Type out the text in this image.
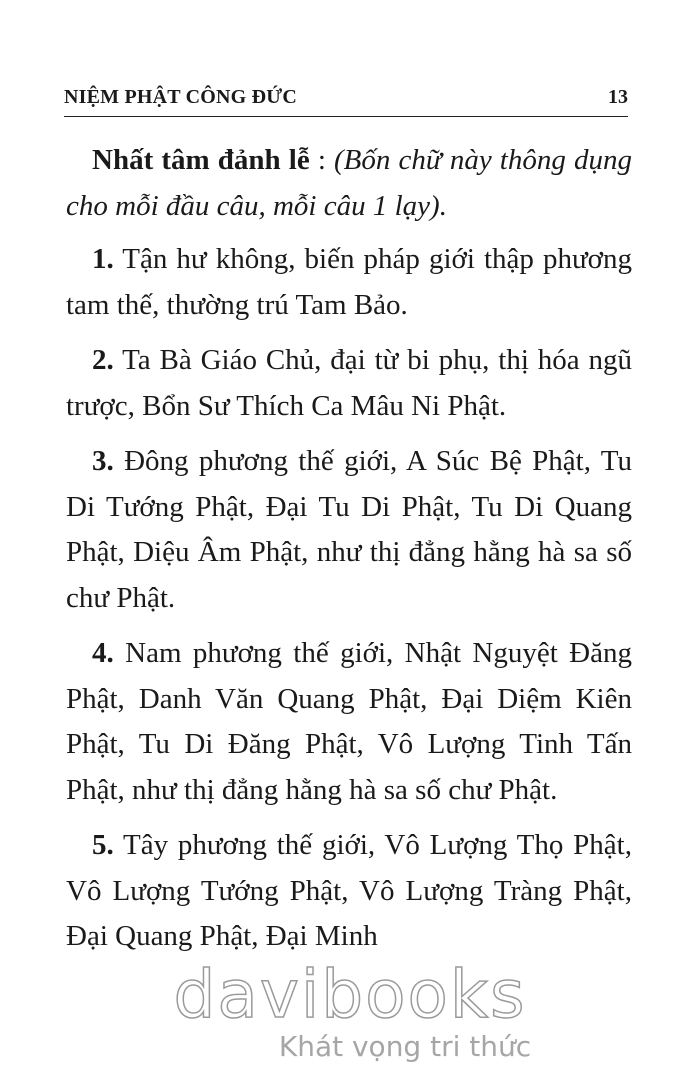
NIỆM PHẬT CÔNG ĐỨC	13

Nhất tâm đảnh lễ : (Bốn chữ này thông dụng cho mỗi đầu câu, mỗi câu 1 lạy).

1. Tận hư không, biến pháp giới thập phương tam thế, thường trú Tam Bảo.

2. Ta Bà Giáo Chủ, đại từ bi phụ, thị hóa ngũ trược, Bổn Sư Thích Ca Mâu Ni Phật.

3. Đông phương thế giới, A Súc Bệ Phật, Tu Di Tướng Phật, Đại Tu Di Phật, Tu Di Quang Phật, Diệu Âm Phật, như thị đẳng hằng hà sa số chư Phật.

4. Nam phương thế giới, Nhật Nguyệt Đăng Phật, Danh Văn Quang Phật, Đại Diệm Kiên Phật, Tu Di Đăng Phật, Vô Lượng Tinh Tấn Phật, như thị đẳng hằng hà sa số chư Phật.

5. Tây phương thế giới, Vô Lượng Thọ Phật, Vô Lượng Tướng Phật, Vô Lượng Tràng Phật, Đại Quang Phật, Đại Minh

davibooks
Khát vọng tri thức
